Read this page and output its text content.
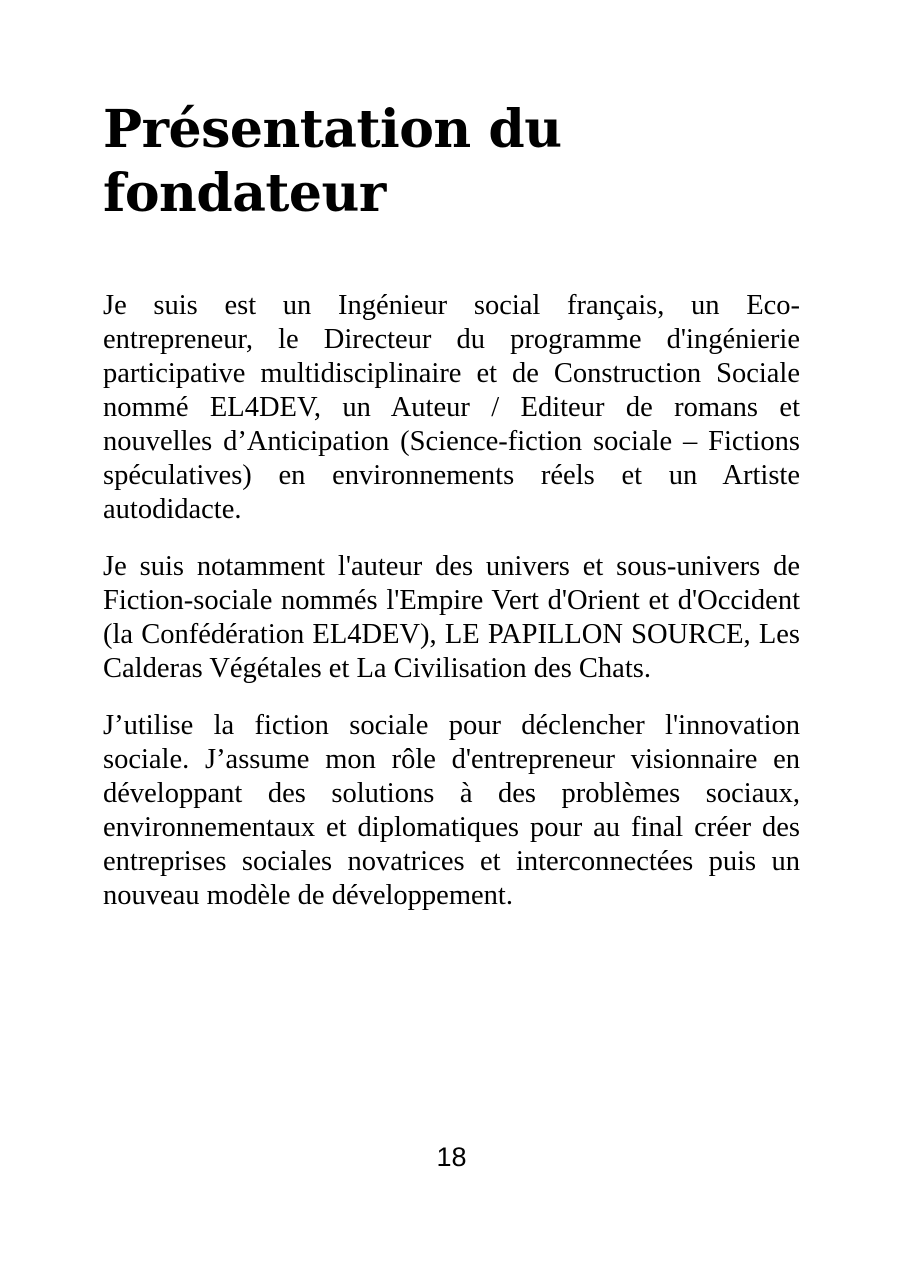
Présentation du
fondateur

Je suis est un Ingénieur social français, un Eco-
entrepreneur, le Directeur du programme d'ingénierie
participative multidisciplinaire et de Construction Sociale
nommé EL4DEV, un Auteur / Editeur de romans et
nouvelles d’Anticipation (Science-fiction sociale – Fictions
spéculatives) en environnements réels et un Artiste
autodidacte.

Je suis notamment l'auteur des univers et sous-univers de
Fiction-sociale nommés l'Empire Vert d'Orient et d'Occident
(la Confédération EL4DEV), LE PAPILLON SOURCE, Les
Calderas Végétales et La Civilisation des Chats.

J’utilise la fiction sociale pour déclencher l'innovation
sociale. J’assume mon rôle d'entrepreneur visionnaire en
développant des solutions à des problèmes sociaux,
environnementaux et diplomatiques pour au final créer des
entreprises sociales novatrices et interconnectées puis un
nouveau modèle de développement.

18
